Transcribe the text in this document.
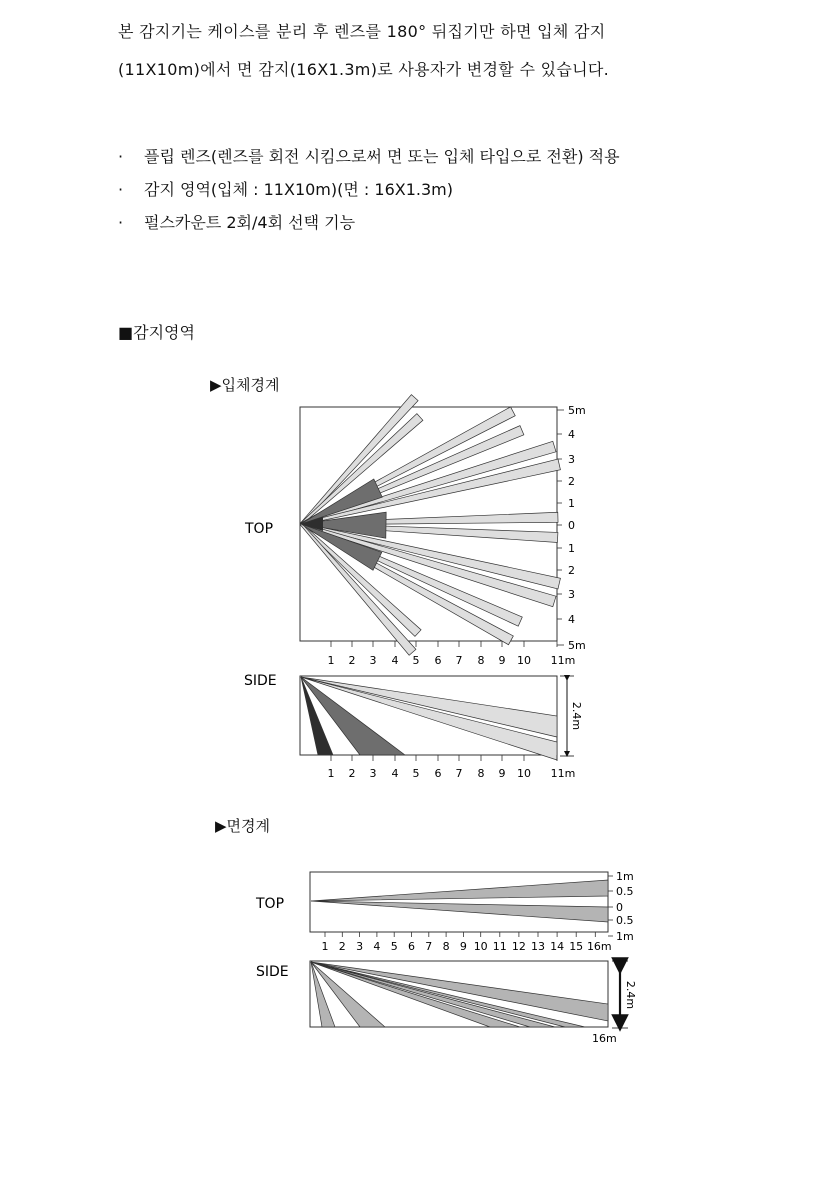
본 감지기는 케이스를 분리 후 렌즈를 180° 뒤집기만 하면 입체 감지
(11X10m)에서 면 감지(16X1.3m)로 사용자가 변경할 수 있습니다.
· 플립 렌즈(렌즈를 회전 시킴으로써 면 또는 입체 타입으로 전환) 적용
· 감지 영역(입체 : 11X10m)(면 : 16X1.3m)
· 펄스카운트 2회/4회 선택 기능
■감지영역
▶입체경계
▶면경계
TOP
5m
4
3
2
1
0
1
2
3
4
5m
1 2 3 4 5 6 7 8 9 10 11m
SIDE
2.4m
1 2 3 4 5 6 7 8 9 10 11m
TOP
1m
0.5
0
0.5
1m
1 2 3 4 5 6 7 8 9 10 11 12 13 14 15 16m
SIDE
2.4m
16m
